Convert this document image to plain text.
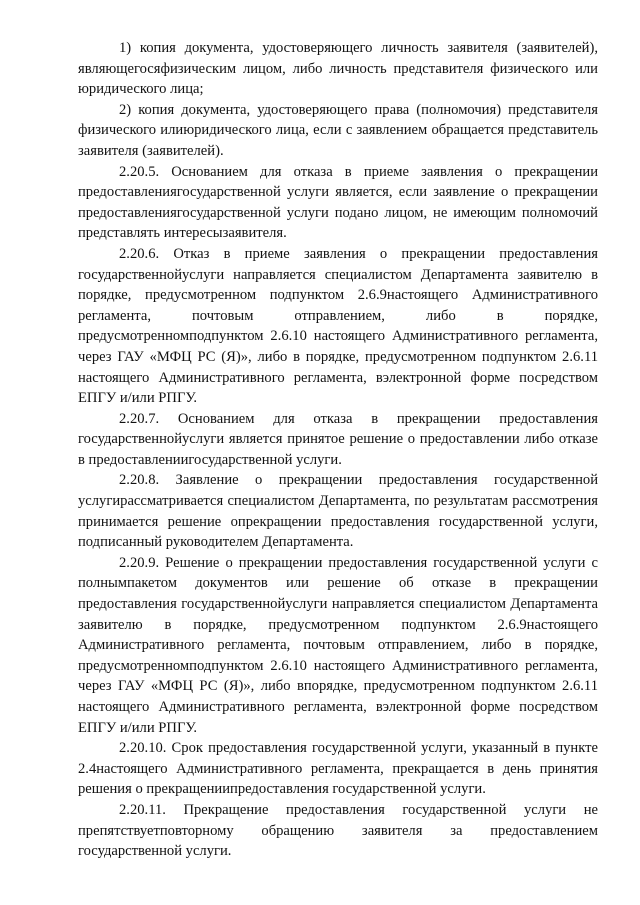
1) копия документа, удостоверяющего личность заявителя (заявителей), являющегосяфизическим лицом, либо личность представителя физического или юридического лица;

2) копия документа, удостоверяющего права (полномочия) представителя физического илиюридического лица, если с заявлением обращается представитель заявителя (заявителей).

2.20.5. Основанием для отказа в приеме заявления о прекращении предоставлениягосударственной услуги является, если заявление о прекращении предоставлениягосударственной услуги подано лицом, не имеющим полномочий представлять интересызаявителя.

2.20.6. Отказ в приеме заявления о прекращении предоставления государственнойуслуги направляется специалистом Департамента заявителю в порядке, предусмотренном подпунктом 2.6.9настоящего Административного регламента, почтовым отправлением, либо в порядке, предусмотренномподпунктом 2.6.10 настоящего Административного регламента, через ГАУ «МФЦ РС (Я)», либо в порядке, предусмотренном подпунктом 2.6.11 настоящего Административного регламента, вэлектронной форме посредством ЕПГУ и/или РПГУ.

2.20.7. Основанием для отказа в прекращении предоставления государственнойуслуги является принятое решение о предоставлении либо отказе в предоставлениигосударственной услуги.

2.20.8. Заявление о прекращении предоставления государственной услугирассматривается специалистом Департамента, по результатам рассмотрения принимается решение опрекращении предоставления государственной услуги, подписанный руководителем Департамента.

2.20.9. Решение о прекращении предоставления государственной услуги с полнымпакетом документов или решение об отказе в прекращении предоставления государственнойуслуги направляется специалистом Департамента заявителю в порядке, предусмотренном подпунктом 2.6.9настоящего Административного регламента, почтовым отправлением, либо в порядке, предусмотренномподпунктом 2.6.10 настоящего Административного регламента, через ГАУ «МФЦ РС (Я)», либо впорядке, предусмотренном подпунктом 2.6.11 настоящего Административного регламента, вэлектронной форме посредством ЕПГУ и/или РПГУ.

2.20.10. Срок предоставления государственной услуги, указанный в пункте 2.4настоящего Административного регламента, прекращается в день принятия решения о прекращениипредоставления государственной услуги.

2.20.11. Прекращение предоставления государственной услуги не препятствуетповторному обращению заявителя за предоставлением государственной услуги.
